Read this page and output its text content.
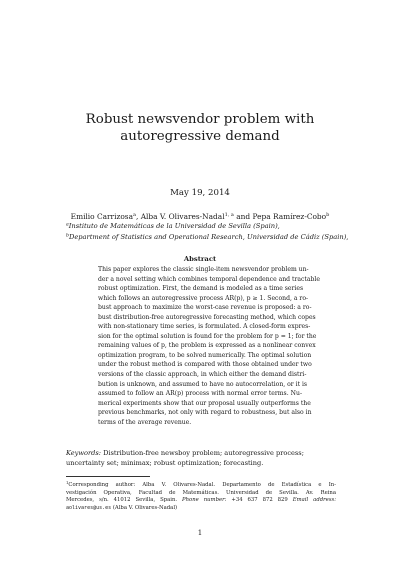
Robust newsvendor problem with
autoregressive demand
May 19, 2014
Emilio Carrizosa$^a$, Alba V. Olivares-Nadal$^{1, a}$ and Pepa Ramírez-Cobo$^b$
$^a$Instituto de Matemáticas de la Universidad de Sevilla (Spain),
$^b$Department of Statistics and Operational Research, Universidad de Cádiz (Spain),
Abstract
This paper explores the classic single-item newsvendor problem un-
der a novel setting which combines temporal dependence and tractable
robust optimization. First, the demand is modeled as a time series
which follows an autoregressive process AR(p), p ≥ 1. Second, a ro-
bust approach to maximize the worst-case revenue is proposed: a ro-
bust distribution-free autoregressive forecasting method, which copes
with non-stationary time series, is formulated. A closed-form expres-
sion for the optimal solution is found for the problem for p = 1; for the
remaining values of p, the problem is expressed as a nonlinear convex
optimization program, to be solved numerically. The optimal solution
under the robust method is compared with those obtained under two
versions of the classic approach, in which either the demand distri-
bution is unknown, and assumed to have no autocorrelation, or it is
assumed to follow an AR(p) process with normal error terms. Nu-
merical experiments show that our proposal usually outperforms the
previous benchmarks, not only with regard to robustness, but also in
terms of the average revenue.
Keywords: Distribution-free newsboy problem; autoregressive process;
uncertainty set; minimax; robust optimization; forecasting.
$^1$Corresponding author: Alba V. Olivares-Nadal. Departamento de Estadística e In-
vestigación Operativa, Facultad de Matemáticas. Universidad de Sevilla. Av. Reina
Mercedes, s/n. 41012 Sevilla, Spain. Phone number: +34 637 872 829 Email address:
aolivares@us.es (Alba V. Olivares-Nadal)
1
